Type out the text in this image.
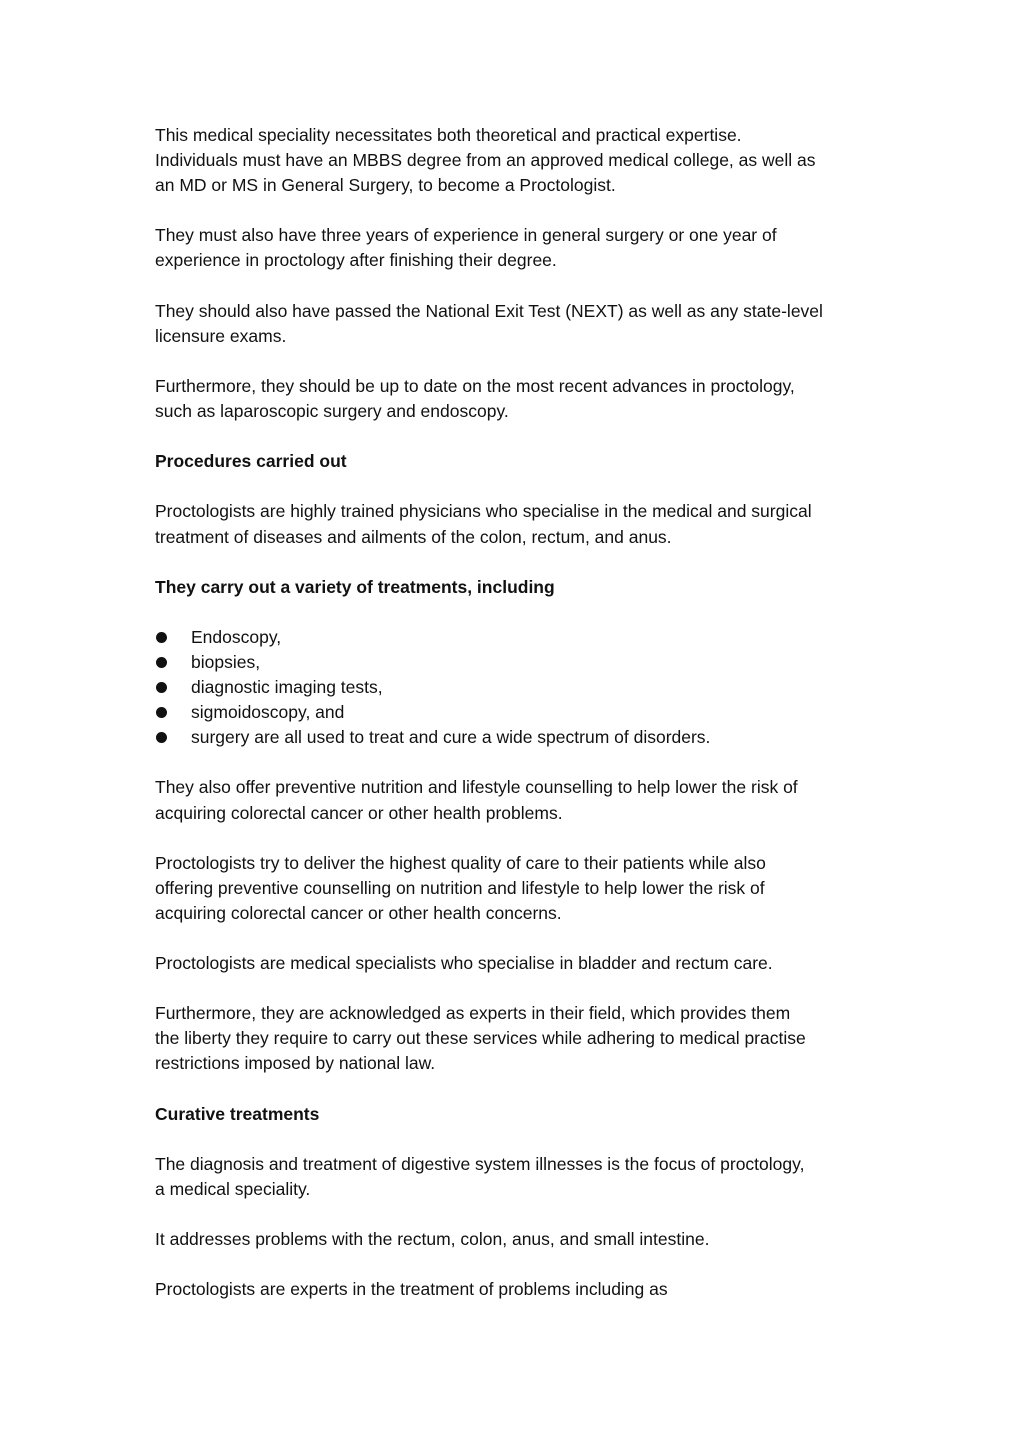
This medical speciality necessitates both theoretical and practical expertise.
Individuals must have an MBBS degree from an approved medical college, as well as
an MD or MS in General Surgery, to become a Proctologist.

They must also have three years of experience in general surgery or one year of
experience in proctology after finishing their degree.

They should also have passed the National Exit Test (NEXT) as well as any state-level
licensure exams.

Furthermore, they should be up to date on the most recent advances in proctology,
such as laparoscopic surgery and endoscopy.

Procedures carried out

Proctologists are highly trained physicians who specialise in the medical and surgical
treatment of diseases and ailments of the colon, rectum, and anus.

They carry out a variety of treatments, including

Endoscopy,
biopsies,
diagnostic imaging tests,
sigmoidoscopy, and
surgery are all used to treat and cure a wide spectrum of disorders.

They also offer preventive nutrition and lifestyle counselling to help lower the risk of
acquiring colorectal cancer or other health problems.

Proctologists try to deliver the highest quality of care to their patients while also
offering preventive counselling on nutrition and lifestyle to help lower the risk of
acquiring colorectal cancer or other health concerns.

Proctologists are medical specialists who specialise in bladder and rectum care.

Furthermore, they are acknowledged as experts in their field, which provides them
the liberty they require to carry out these services while adhering to medical practise
restrictions imposed by national law.

Curative treatments

The diagnosis and treatment of digestive system illnesses is the focus of proctology,
a medical speciality.

It addresses problems with the rectum, colon, anus, and small intestine.

Proctologists are experts in the treatment of problems including as
